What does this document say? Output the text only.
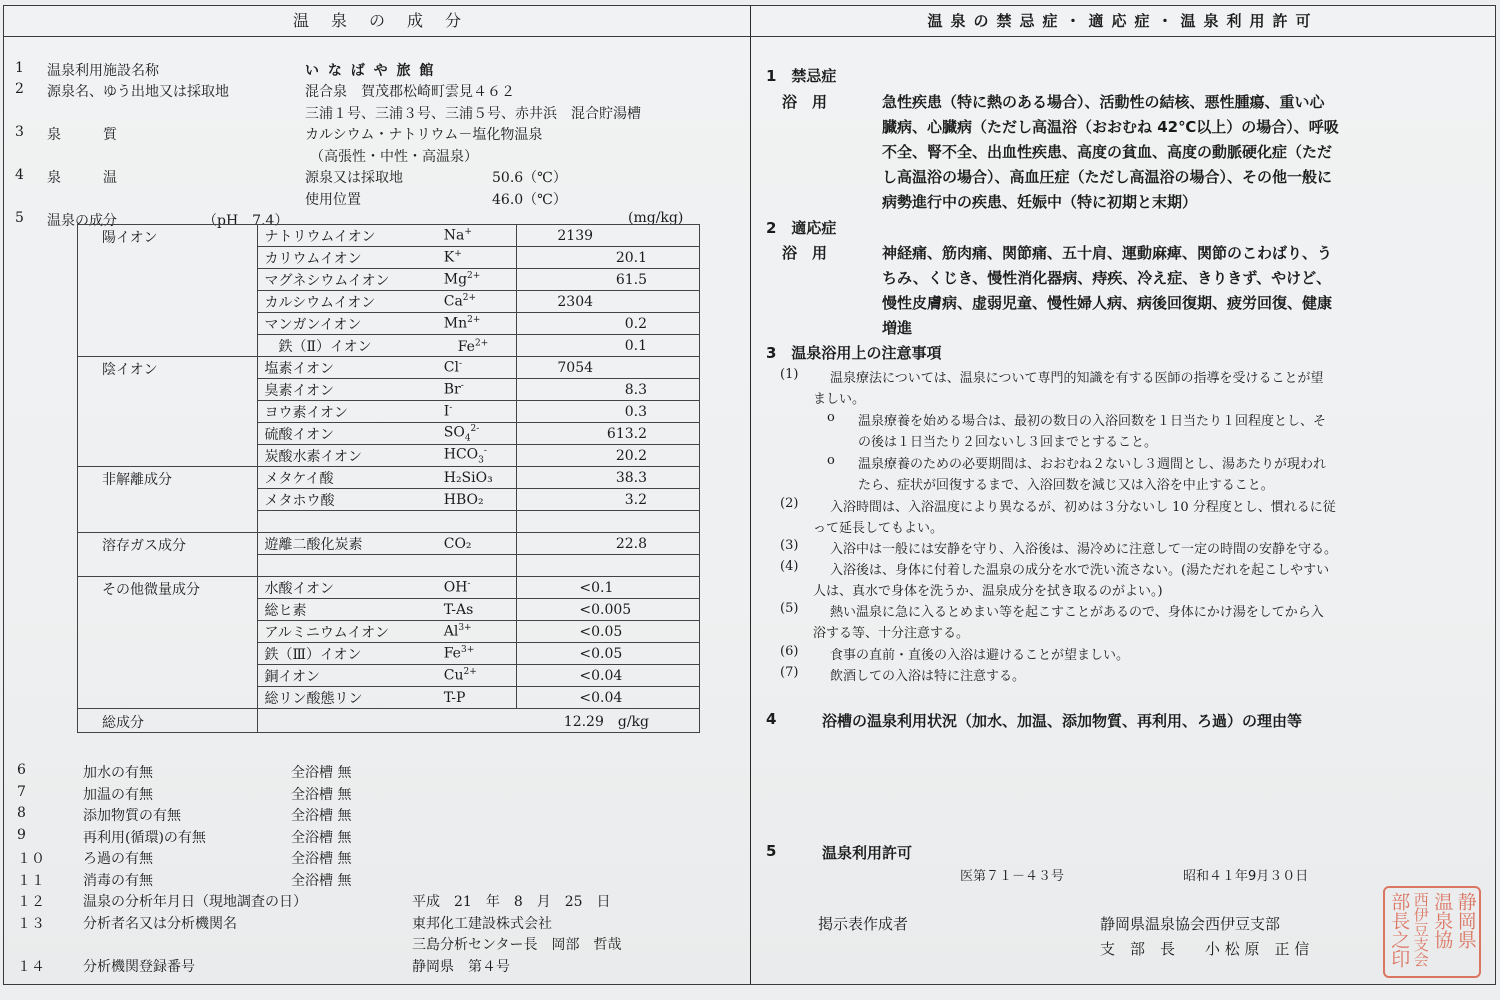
温泉の成分
1 温泉利用施設名称	い な ば や 旅 館
2 源泉名、ゆう出地又は採取地	混合泉　賀茂郡松崎町雲見４６２
三浦１号、三浦３号、三浦５号、赤井浜　混合貯湯槽
3 泉　　　質	カルシウム・ナトリウム－塩化物温泉
（高張性・中性・高温泉）
4 泉　　　温	源泉又は採取地	50.6（℃）
使用位置	46.0（℃）
5 温泉の成分	（pH　7.4）	(mg/kg)
陽イオン	ナトリウムイオン	Na+	2139
	カリウムイオン	K+	20.1
	マグネシウムイオン	$Mg^{2+}$	61.5
	カルシウムイオン	$Ca^{2+}$	2304
	マンガンイオン	$Mn^{2+}$	0.2
	　鉄（Ⅱ）イオン	　$Fe^{2+}$	0.1
陰イオン	塩素イオン	Cl-	7054
	臭素イオン	Br-	8.3
	ヨウ素イオン	I-	0.3
	硫酸イオン	$SO_4^{2-}$	613.2
	炭酸水素イオン	$HCO_3^-$	20.2
非解離成分	メタケイ酸	H₂SiO₃	38.3
	メタホウ酸	HBO₂	3.2

溶存ガス成分	遊離二酸化炭素	CO₂	22.8

その他微量成分	水酸イオン	OH-	<0.1
	総ヒ素	T-As	<0.005
	アルミニウムイオン	$Al^{3+}$	<0.05
	鉄（Ⅲ）イオン	$Fe^{3+}$	<0.05
	銅イオン	$Cu^{2+}$	<0.04
	総リン酸態リン	T-P	<0.04
総成分	12.29　g/kg		
6	加水の有無	全浴槽 無
7	加温の有無	全浴槽 無
8	添加物質の有無	全浴槽 無
9	再利用(循環)の有無	全浴槽 無
１０	ろ過の有無	全浴槽 無
１１	消毒の有無	全浴槽 無
１２	温泉の分析年月日（現地調査の日）	平成　21　年　8　月　25　日
１３	分析者名又は分析機関名	東邦化工建設株式会社
三島分析センター長　岡部　哲哉
１４	分析機関登録番号	静岡県　第４号
温泉の禁忌症・適応症・温泉利用許可
1　禁忌症
浴　用	急性疾患（特に熱のある場合）、活動性の結核、悪性腫瘍、重い心
臓病、心臓病（ただし高温浴（おおむね 42℃以上）の場合）、呼吸
不全、腎不全、出血性疾患、高度の貧血、高度の動脈硬化症（ただ
し高温浴の場合）、高血圧症（ただし高温浴の場合）、その他一般に
病勢進行中の疾患、妊娠中（特に初期と末期）
2　適応症
浴　用	神経痛、筋肉痛、関節痛、五十肩、運動麻痺、関節のこわばり、う
ちみ、くじき、慢性消化器病、痔疾、冷え症、きりきず、やけど、
慢性皮膚病、虚弱児童、慢性婦人病、病後回復期、疲労回復、健康
増進
3　温泉浴用上の注意事項
(1) 温泉療法については、温泉について専門的知識を有する医師の指導を受けることが望
ましい。
o 温泉療養を始める場合は、最初の数日の入浴回数を１日当たり１回程度とし、そ
の後は１日当たり２回ないし３回までとすること。
o 温泉療養のための必要期間は、おおむね２ないし３週間とし、湯あたりが現われ
たら、症状が回復するまで、入浴回数を減じ又は入浴を中止すること。
(2) 入浴時間は、入浴温度により異なるが、初めは３分ないし 10 分程度とし、慣れるに従
って延長してもよい。
(3) 入浴中は一般には安静を守り、入浴後は、湯冷めに注意して一定の時間の安静を守る。
(4) 入浴後は、身体に付着した温泉の成分を水で洗い流さない。(湯ただれを起こしやすい
人は、真水で身体を洗うか、温泉成分を拭き取るのがよい。)
(5) 熱い温泉に急に入るとめまい等を起こすことがあるので、身体にかけ湯をしてから入
浴する等、十分注意する。
(6) 食事の直前・直後の入浴は避けることが望ましい。
(7) 飲酒しての入浴は特に注意する。
4	浴槽の温泉利用状況（加水、加温、添加物質、再利用、ろ過）の理由等
5	温泉利用許可
医第７１－４３号	昭和４１年9月３０日
掲示表作成者	静岡県温泉協会西伊豆支部
支　部　長　　小 松 原　正 信	静岡県
温泉協
西伊豆支会
部長之印
